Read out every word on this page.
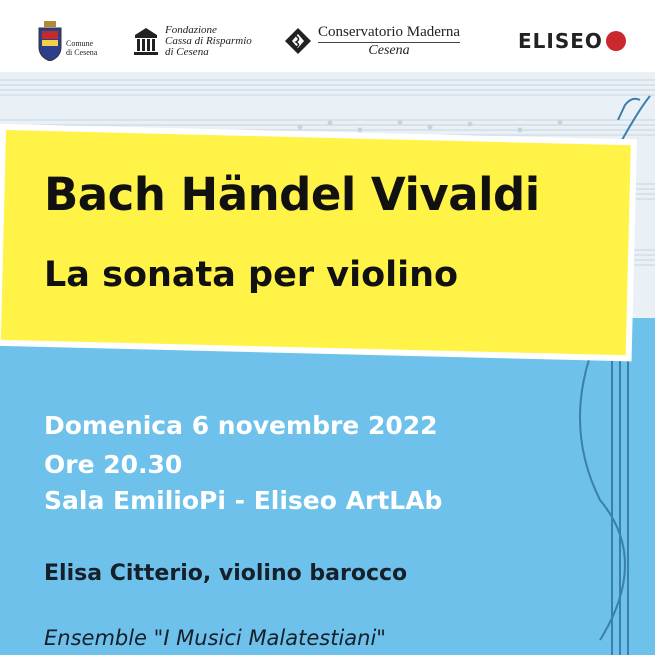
Comune
di Cesena
Fondazione
Cassa di Risparmio
di Cesena
Conservatorio Maderna
Cesena	ELISEO
Bach Händel Vivaldi
La sonata per violino
Domenica 6 novembre 2022
Ore 20.30
Sala EmilioPi - Eliseo ArtLAb
Elisa Citterio, violino barocco
Ensemble "I Musici Malatestiani"
